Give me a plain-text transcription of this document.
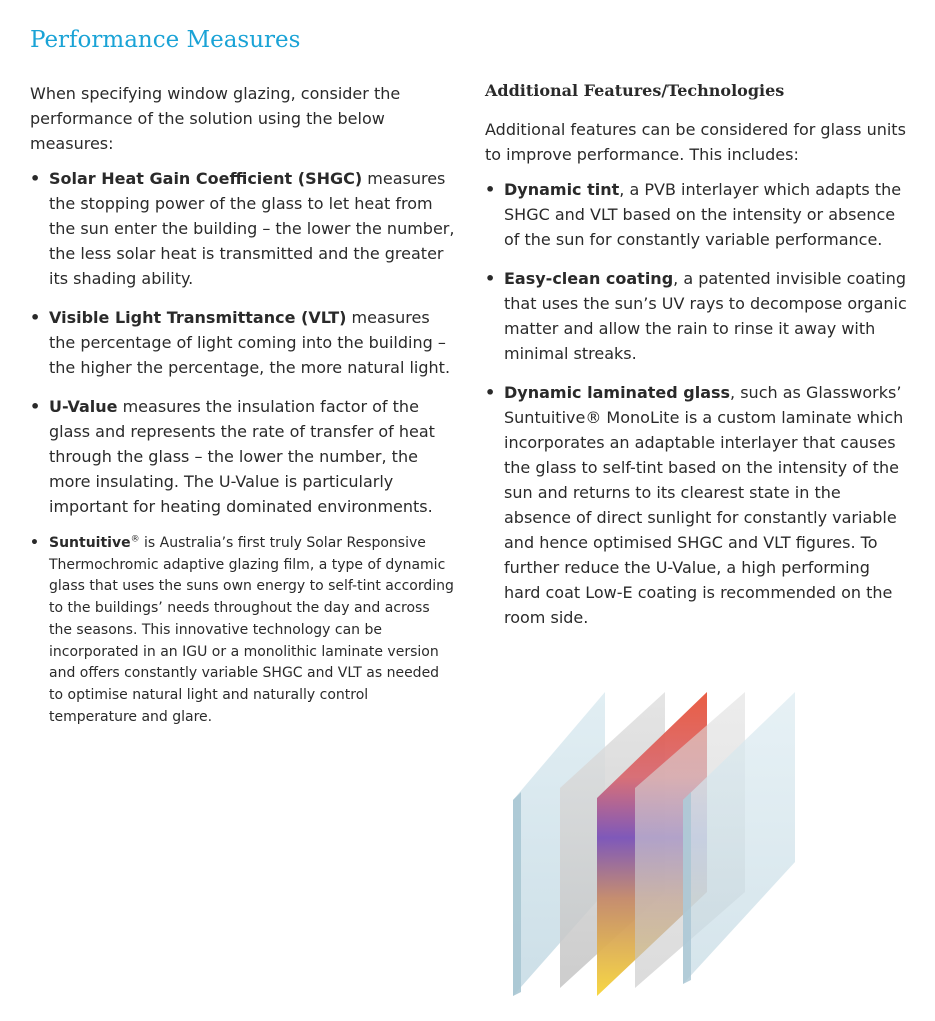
Performance Measures

When specifying window glazing, consider the performance of the solution using the below measures:

• Solar Heat Gain Coefficient (SHGC) measures the stopping power of the glass to let heat from the sun enter the building – the lower the number, the less solar heat is transmitted and the greater its shading ability.
• Visible Light Transmittance (VLT) measures the percentage of light coming into the building – the higher the percentage, the more natural light.
• U-Value measures the insulation factor of the glass and represents the rate of transfer of heat through the glass – the lower the number, the more insulating. The U-Value is particularly important for heating dominated environments.
• Suntuitive® is Australia’s first truly Solar Responsive Thermochromic adaptive glazing film, a type of dynamic glass that uses the suns own energy to self-tint according to the buildings’ needs throughout the day and across the seasons. This innovative technology can be incorporated in an IGU or a monolithic laminate version and offers constantly variable SHGC and VLT as needed to optimise natural light and naturally control temperature and glare.
Additional Features/Technologies

Additional features can be considered for glass units to improve performance. This includes:

• Dynamic tint, a PVB interlayer which adapts the SHGC and VLT based on the intensity or absence of the sun for constantly variable performance.
• Easy-clean coating, a patented invisible coating that uses the sun’s UV rays to decompose organic matter and allow the rain to rinse it away with minimal streaks.
• Dynamic laminated glass, such as Glassworks’ Suntuitive® MonoLite is a custom laminate which incorporates an adaptable interlayer that causes the glass to self-tint based on the intensity of the sun and returns to its clearest state in the absence of direct sunlight for constantly variable and hence optimised SHGC and VLT figures. To further reduce the U-Value, a high performing hard coat Low-E coating is recommended on the room side.
